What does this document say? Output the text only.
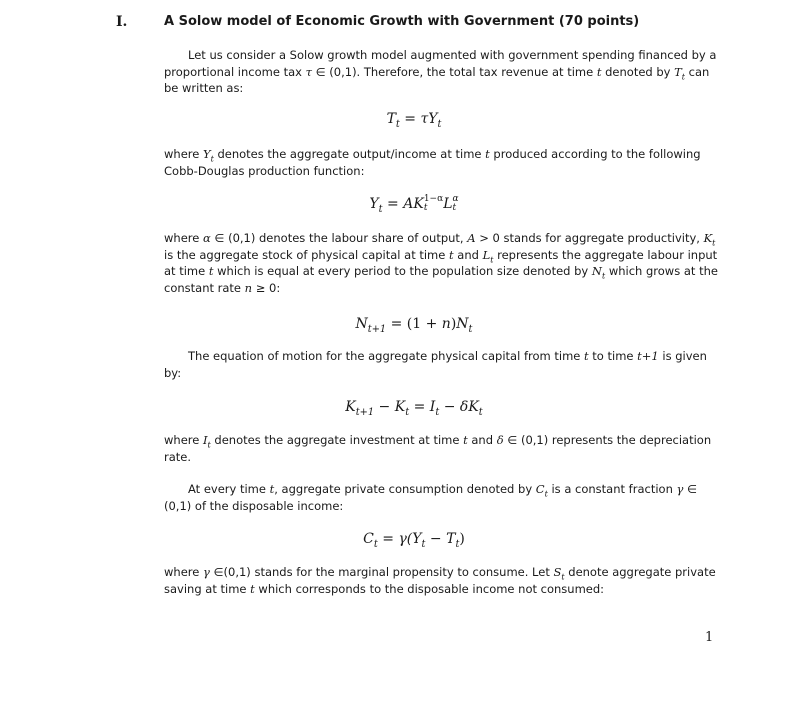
I.	A Solow model of Economic Growth with Government (70 points)

Let us consider a Solow growth model augmented with government spending financed by a proportional income tax τ ∈ (0,1). Therefore, the total tax revenue at time t denoted by $T_t$ can be written as:

$T_t = \tau Y_t$

where $Y_t$ denotes the aggregate output/income at time t produced according to the following Cobb-Douglas production function:

$Y_t$ = AK 1−α
t	L α
t

where α ∈ (0,1) denotes the labour share of output, A > 0 stands for aggregate productivity, $K_t$ is the aggregate stock of physical capital at time t and $L_t$ represents the aggregate labour input at time t which is equal at every period to the population size denoted by $N_t$ which grows at the constant rate n ≥ 0:

$N_{t+1} = (1 + n)N_t$

The equation of motion for the aggregate physical capital from time t to time t+1 is given by:

$K_{t+1} - K_t = I_t - \delta K_t$

where $I_t$ denotes the aggregate investment at time t and δ ∈ (0,1) represents the depreciation rate.

At every time t, aggregate private consumption denoted by $C_t$ is a constant fraction γ ∈ (0,1) of the disposable income:

$C_t = \gamma(Y_t - T_t)$

where γ ∈(0,1) stands for the marginal propensity to consume. Let $S_t$ denote aggregate private saving at time t which corresponds to the disposable income not consumed:

1
